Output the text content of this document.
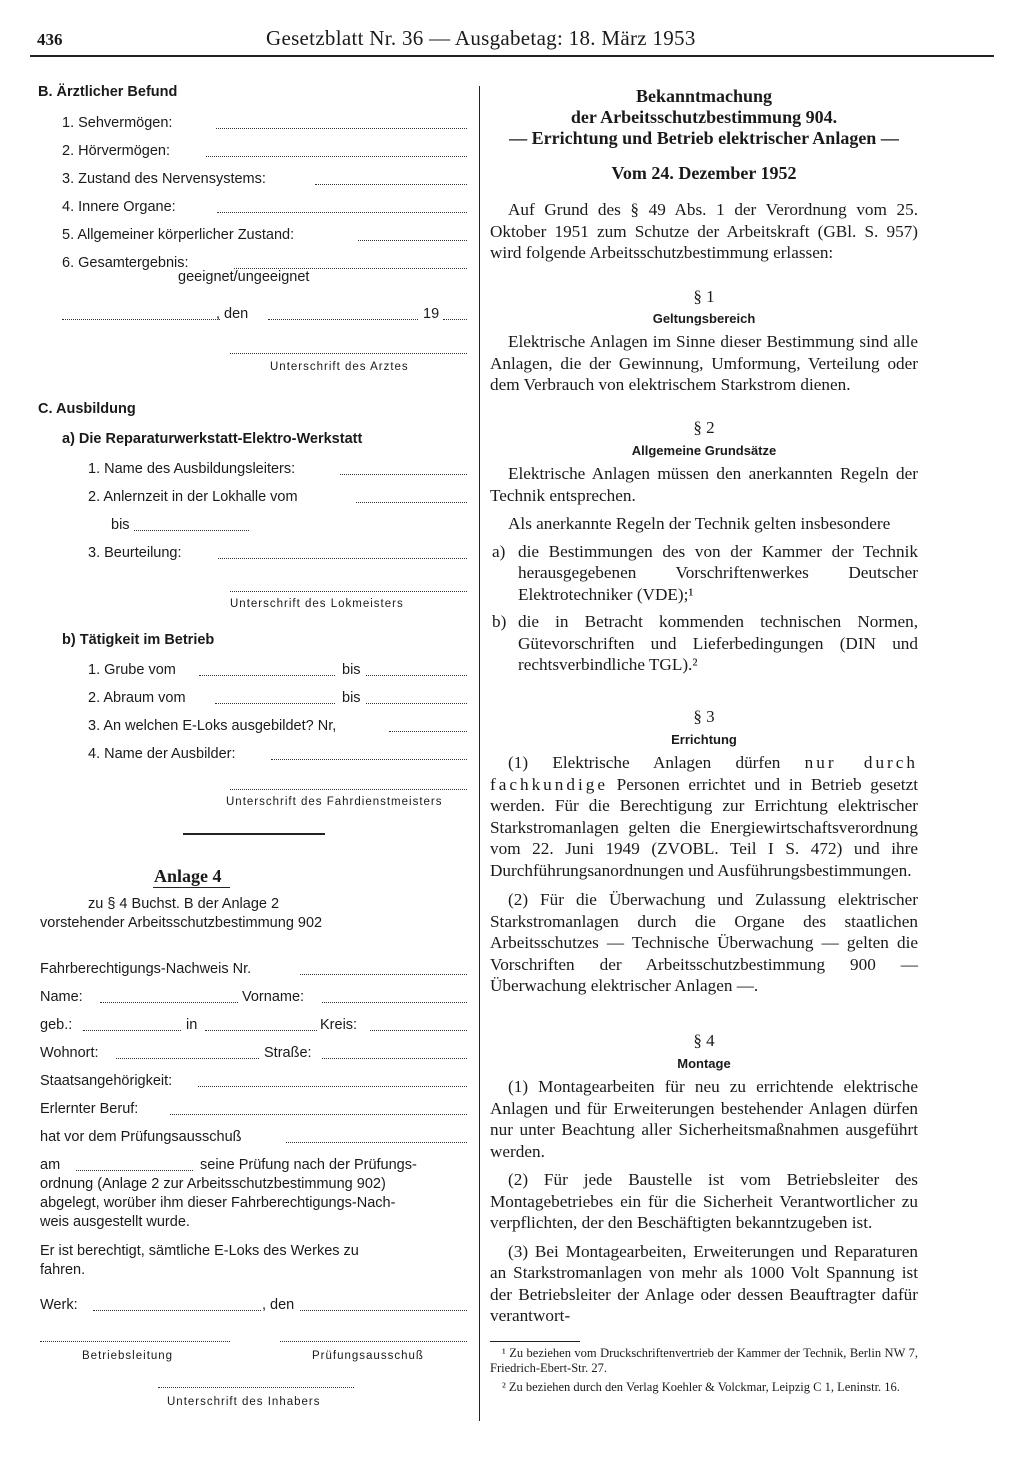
436	Gesetzblatt Nr. 36 — Ausgabetag: 18. März 1953
B. Ärztlicher Befund
1. Sehvermögen:
2. Hörvermögen:
3. Zustand des Nervensystems:
4. Innere Organe:
5. Allgemeiner körperlicher Zustand:
6. Gesamtergebnis:
geeignet/ungeeignet
, den	19
Unterschrift des Arztes
C. Ausbildung
a) Die Reparaturwerkstatt-Elektro-Werkstatt
1. Name des Ausbildungsleiters:
2. Anlernzeit in der Lokhalle vom
bis
3. Beurteilung:
Unterschrift des Lokmeisters
b) Tätigkeit im Betrieb
1. Grube vom	bis
2. Abraum vom	bis
3. An welchen E-Loks ausgebildet? Nr,
4. Name der Ausbilder:
Unterschrift des Fahrdienstmeisters
Anlage 4
zu § 4 Buchst. B der Anlage 2
vorstehender Arbeitsschutzbestimmung 902
Fahrberechtigungs-Nachweis Nr.
Name:	Vorname:
geb.:	in	Kreis:
Wohnort:	Straße:
Staatsangehörigkeit:
Erlernter Beruf:
hat vor dem Prüfungsausschuß
am	seine Prüfung nach der Prüfungs-
ordnung (Anlage 2 zur Arbeitsschutzbestimmung 902)
abgelegt, worüber ihm dieser Fahrberechtigungs-Nach-
weis ausgestellt wurde.
Er ist berechtigt, sämtliche E-Loks des Werkes zu
fahren.
Werk:	, den
Betriebsleitung	Prüfungsausschuß
Unterschrift des Inhabers
Bekanntmachung
der Arbeitsschutzbestimmung 904.
— Errichtung und Betrieb elektrischer Anlagen —
Vom 24. Dezember 1952

Auf Grund des § 49 Abs. 1 der Verordnung vom 25. Oktober 1951 zum Schutze der Arbeitskraft (GBl. S. 957) wird folgende Arbeitsschutzbestimmung erlassen:

§ 1
Geltungsbereich

Elektrische Anlagen im Sinne dieser Bestimmung sind alle Anlagen, die der Gewinnung, Umformung, Verteilung oder dem Verbrauch von elektrischem Starkstrom dienen.

§ 2
Allgemeine Grundsätze

Elektrische Anlagen müssen den anerkannten Regeln der Technik entsprechen.

Als anerkannte Regeln der Technik gelten insbesondere

a) die Bestimmungen des von der Kammer der Technik herausgegebenen Vorschriftenwerkes Deutscher Elektrotechniker (VDE);¹

b) die in Betracht kommenden technischen Normen, Gütevorschriften und Lieferbedingungen (DIN und rechtsverbindliche TGL).²

§ 3
Errichtung

(1) Elektrische Anlagen dürfen nur durch fachkundige Personen errichtet und in Betrieb gesetzt werden. Für die Berechtigung zur Errichtung elektrischer Starkstromanlagen gelten die Energiewirtschaftsverordnung vom 22. Juni 1949 (ZVOBL. Teil I S. 472) und ihre Durchführungsanordnungen und Ausführungsbestimmungen.

(2) Für die Überwachung und Zulassung elektrischer Starkstromanlagen durch die Organe des staatlichen Arbeitsschutzes — Technische Überwachung — gelten die Vorschriften der Arbeitsschutzbestimmung 900 — Überwachung elektrischer Anlagen —.

§ 4
Montage

(1) Montagearbeiten für neu zu errichtende elektrische Anlagen und für Erweiterungen bestehender Anlagen dürfen nur unter Beachtung aller Sicherheitsmaßnahmen ausgeführt werden.

(2) Für jede Baustelle ist vom Betriebsleiter des Montagebetriebes ein für die Sicherheit Verantwortlicher zu verpflichten, der den Beschäftigten bekanntzugeben ist.

(3) Bei Montagearbeiten, Erweiterungen und Reparaturen an Starkstromanlagen von mehr als 1000 Volt Spannung ist der Betriebsleiter der Anlage oder dessen Beauftragter dafür verantwort-

¹ Zu beziehen vom Druckschriftenvertrieb der Kammer der Technik, Berlin NW 7, Friedrich-Ebert-Str. 27.

² Zu beziehen durch den Verlag Koehler & Volckmar, Leipzig C 1, Leninstr. 16.
